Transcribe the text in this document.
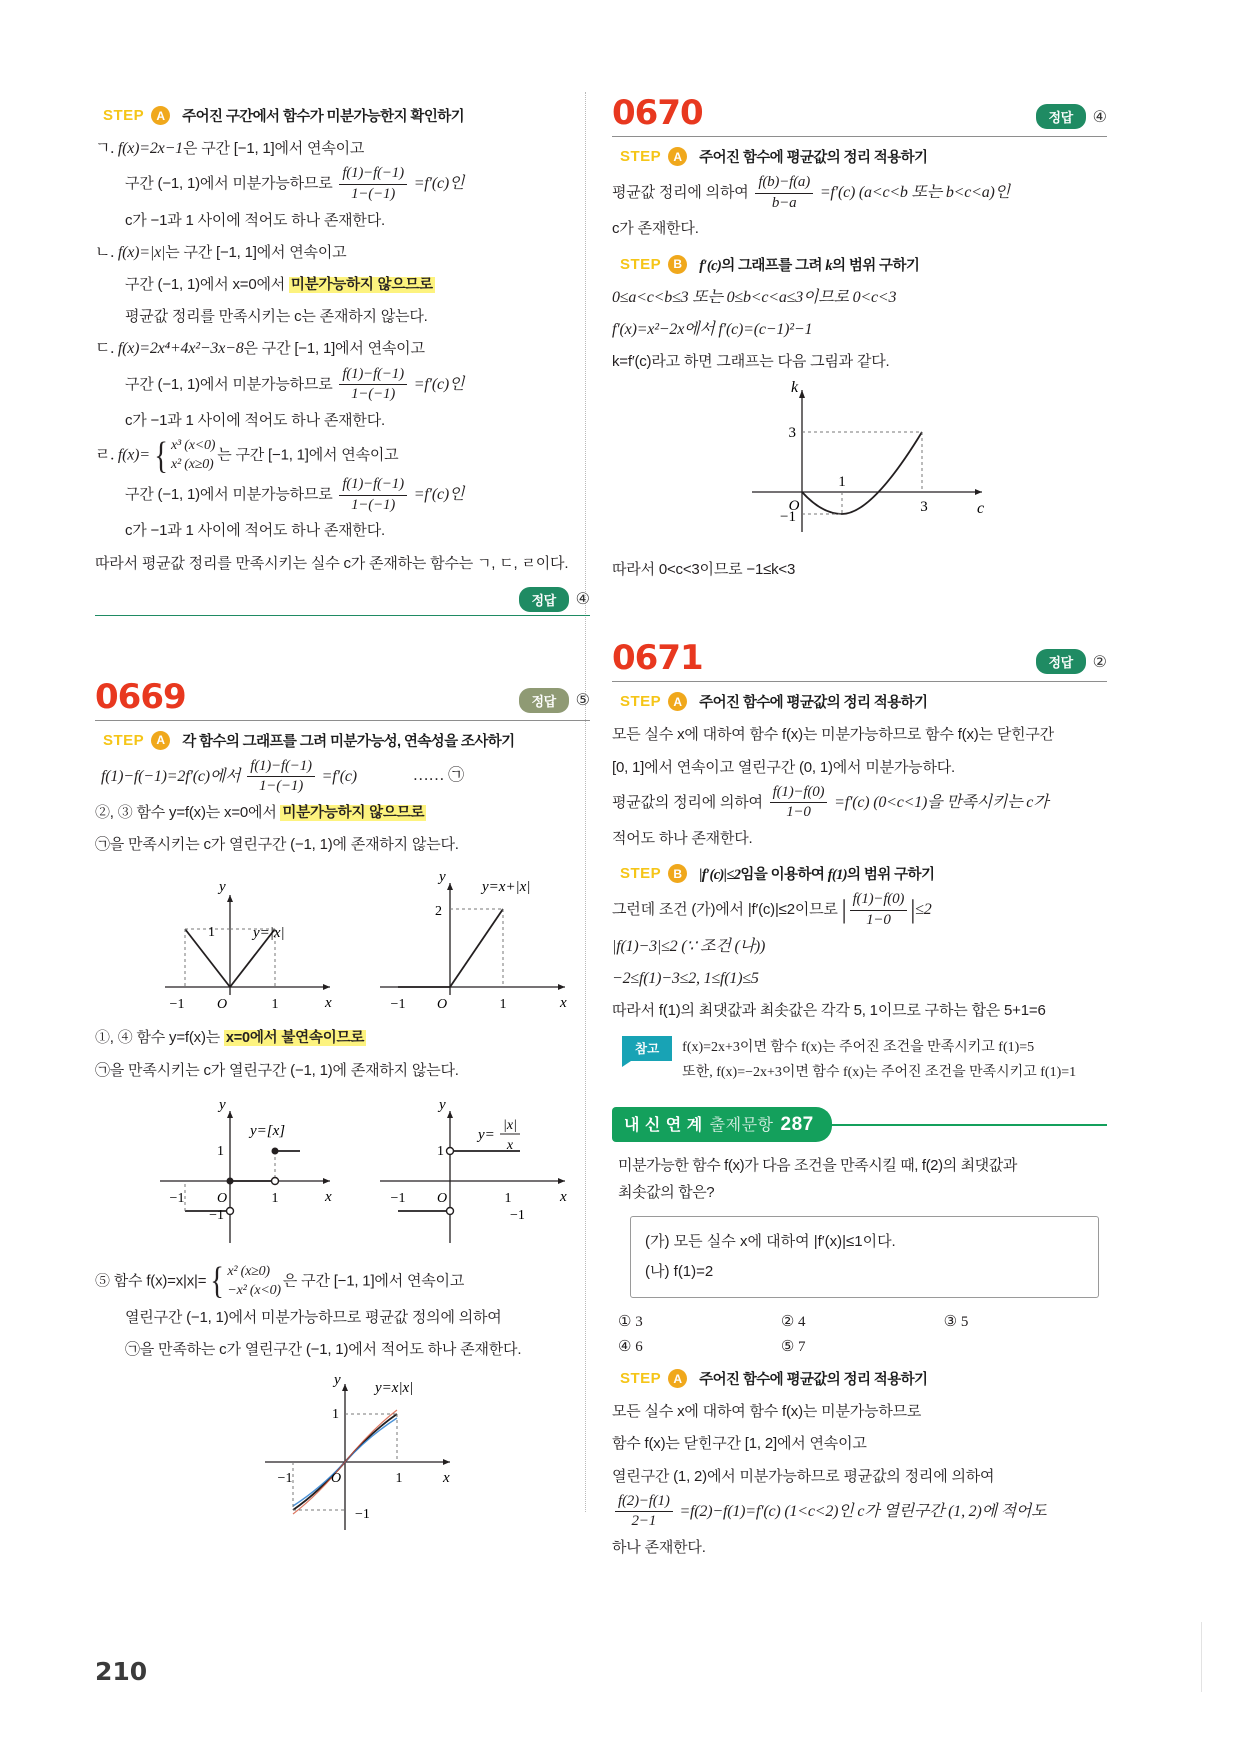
STEP	A	주어진 구간에서 함수가 미분가능한지 확인하기
ㄱ. f(x)=2x−1은 구간 [−1, 1]에서 연속이고
구간 (−1, 1)에서 미분가능하므로 $\frac{f(1)-f(-1)}{1-(-1)} =f'(c)$인
c가 −1과 1 사이에 적어도 하나 존재한다.
ㄴ. f(x)=|x|는 구간 [−1, 1]에서 연속이고
구간 (−1, 1)에서 x=0에서 미분가능하지 않으므로
평균값 정리를 만족시키는 c는 존재하지 않는다.
ㄷ. f(x)=2x⁴+4x²−3x−8은 구간 [−1, 1]에서 연속이고
구간 (−1, 1)에서 미분가능하므로 $\frac{f(1)-f(-1)}{1-(-1)} =f'(c)$인
c가 −1과 1 사이에 적어도 하나 존재한다.
ㄹ. f(x)= { x³ (x<0)
x² (x≥0)
는 구간 [−1, 1]에서 연속이고
구간 (−1, 1)에서 미분가능하므로 $\frac{f(1)-f(-1)}{1-(-1)} =f'(c)$인
c가 −1과 1 사이에 적어도 하나 존재한다.
따라서 평균값 정리를 만족시키는 실수 c가 존재하는 함수는 ㄱ, ㄷ, ㄹ이다.
정답	④
0669	정답	⑤
STEP	A	각 함수의 그래프를 그려 미분가능성, 연속성을 조사하기
f(1)−f(−1)=2f′(c)에서 $\frac{f(1)-f(-1)}{1-(-1)} =f'(c)$	…… ㉠
②, ③ 함수 y=f(x)는 x=0에서 미분가능하지 않으므로
㉠을 만족시키는 c가 열린구간 (−1, 1)에 존재하지 않는다.
1
y
x
−1 O	1
y=|x|
2
y
x
−1 O	1
y=x+|x|
①, ④ 함수 y=f(x)는 x=0에서 불연속이므로
㉠을 만족시키는 c가 열린구간 (−1, 1)에 존재하지 않는다.
1
−1
y
x
−1 O	1
y=[x]
1
−1
y
x
−1 O	1
y=
|x|
x
⑤ 함수 f(x)=x|x|= { x² (x≥0)
−x² (x<0)
은 구간 [−1, 1]에서 연속이고
열린구간 (−1, 1)에서 미분가능하므로 평균값 정의에 의하여
㉠을 만족하는 c가 열린구간 (−1, 1)에서 적어도 하나 존재한다.
1
−1
y
x
−1	O	1
y=x|x|
0670	정답	④
STEP	A	주어진 함수에 평균값의 정리 적용하기
평균값 정리에 의하여 $\frac{f(b)-f(a)}{b-a} =f'(c)$ (a<c<b 또는 b<c<a)인
c가 존재한다.
STEP	B	f′(c)의 그래프를 그려 k의 범위 구하기
0≤a<c<b≤3 또는 0≤b<c<a≤3이므로 0<c<3
f′(x)=x²−2x에서 f′(c)=(c−1)²−1
k=f′(c)라고 하면 그래프는 다음 그림과 같다.
3
−1
k
c
O
1
3
따라서 0<c<3이므로 −1≤k<3
0671	정답	②
STEP	A	주어진 함수에 평균값의 정리 적용하기
모든 실수 x에 대하여 함수 f(x)는 미분가능하므로 함수 f(x)는 닫힌구간
[0, 1]에서 연속이고 열린구간 (0, 1)에서 미분가능하다.
평균값의 정리에 의하여 $\frac{f(1)-f(0)}{1-0} =f'(c)$ (0<c<1)을 만족시키는 c가
적어도 하나 존재한다.
STEP	B	|f′(c)|≤2임을 이용하여 f(1)의 범위 구하기
그런데 조건 (가)에서 |f′(c)|≤2이므로 | $\frac{f(1)-f(0)}{1-0} |\le 2$
|f(1)−3|≤2 (∵ 조건 (나))
−2≤f(1)−3≤2, 1≤f(1)≤5
따라서 f(1)의 최댓값과 최솟값은 각각 5, 1이므로 구하는 합은 5+1=6
참고	f(x)=2x+3이면 함수 f(x)는 주어진 조건을 만족시키고 f(1)=5
또한, f(x)=−2x+3이면 함수 f(x)는 주어진 조건을 만족시키고 f(1)=1
내 신 연 계 출제문항 287
미분가능한 함수 f(x)가 다음 조건을 만족시킬 때, f(2)의 최댓값과
최솟값의 합은?
(가) 모든 실수 x에 대하여 |f′(x)|≤1이다.
(나) f(1)=2
① 3	② 4	③ 5
④ 6	⑤ 7
STEP	A	주어진 함수에 평균값의 정리 적용하기
모든 실수 x에 대하여 함수 f(x)는 미분가능하므로
함수 f(x)는 닫힌구간 [1, 2]에서 연속이고
열린구간 (1, 2)에서 미분가능하므로 평균값의 정리에 의하여
$\frac{f(2)-f(1)}{2-1} =f(2)-f(1)=f'(c)$ (1<c<2)인 c가 열린구간 (1, 2)에 적어도
하나 존재한다.
210
